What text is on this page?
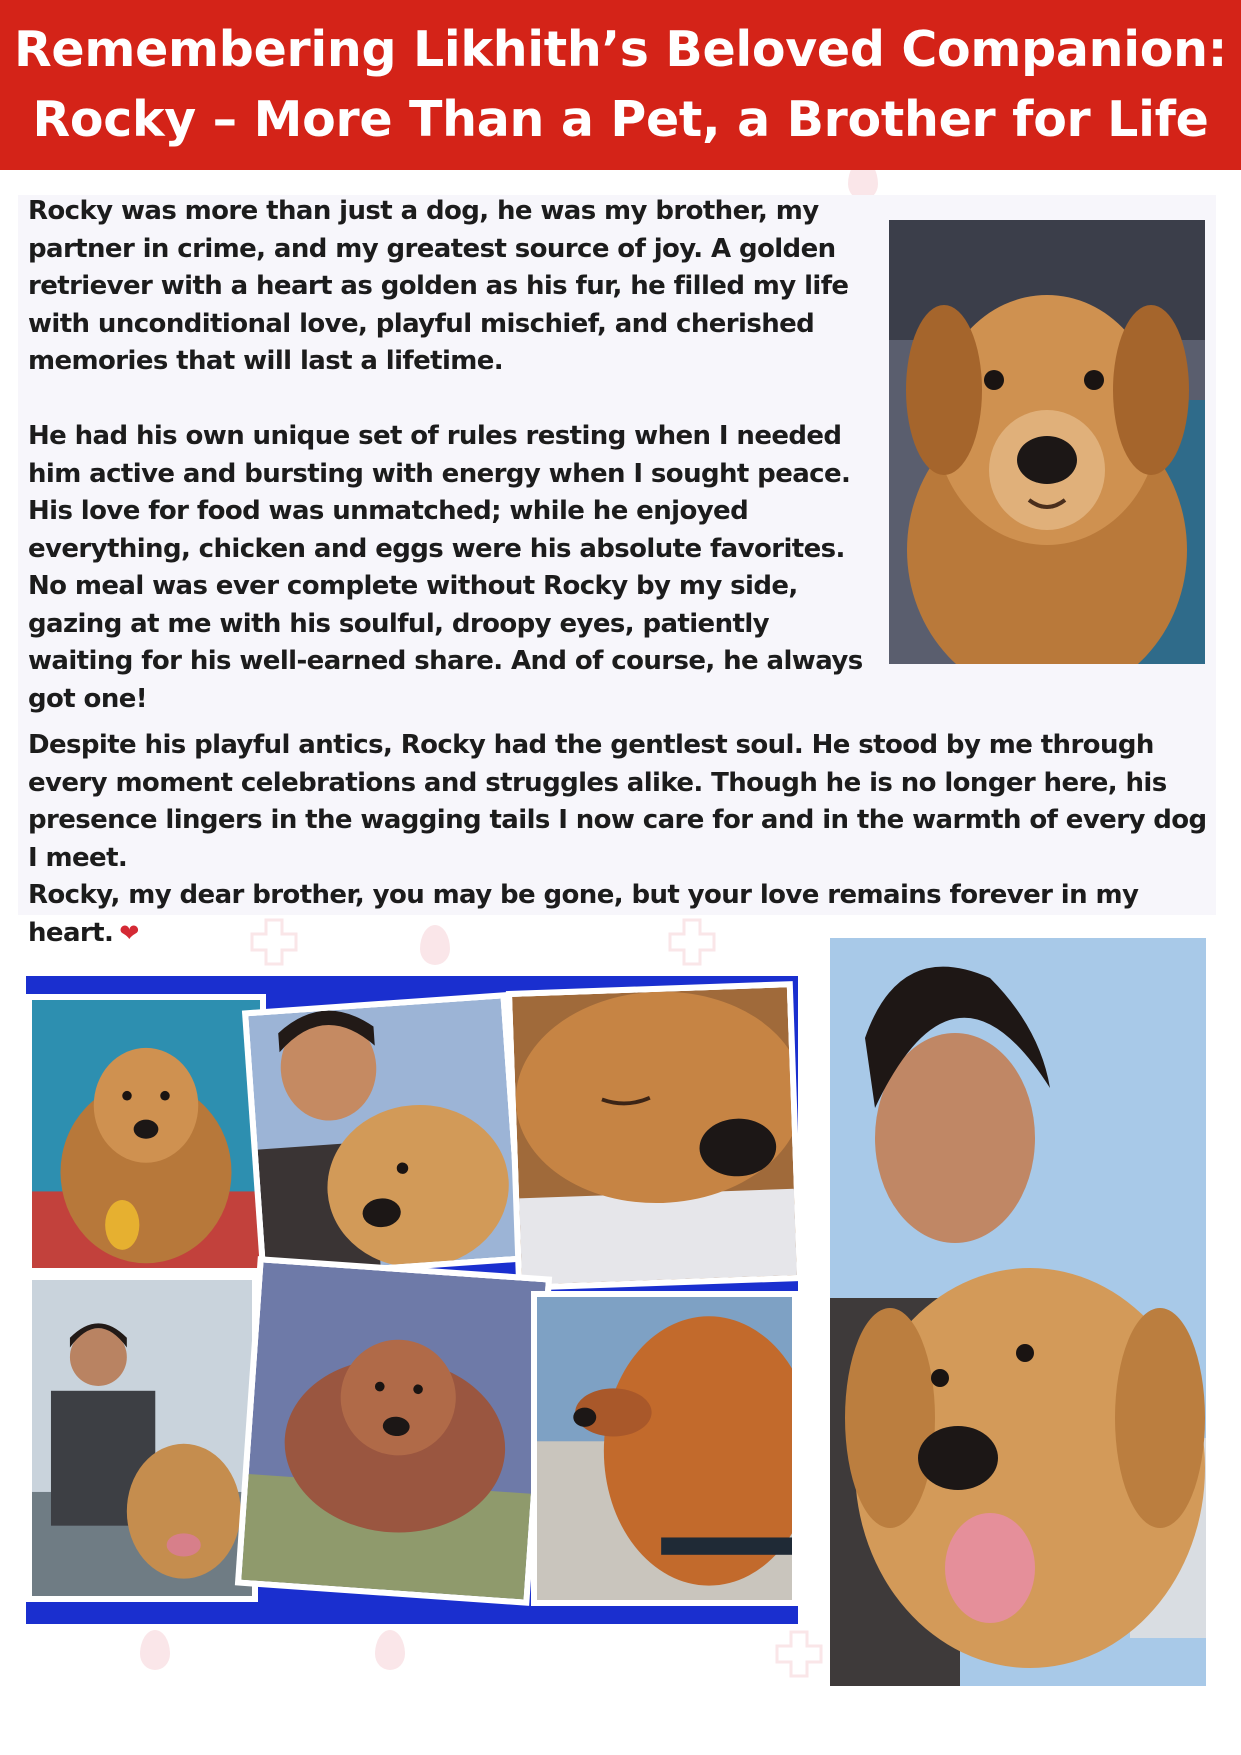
Remembering Likhith’s Beloved Companion:
Rocky – More Than a Pet, a Brother for Life

Rocky was more than just a dog, he was my brother, my partner in crime, and my greatest source of joy. A golden retriever with a heart as golden as his fur, he filled my life with unconditional love, playful mischief, and cherished memories that will last a lifetime.

He had his own unique set of rules resting when I needed him active and bursting with energy when I sought peace. His love for food was unmatched; while he enjoyed everything, chicken and eggs were his absolute favorites. No meal was ever complete without Rocky by my side, gazing at me with his soulful, droopy eyes, patiently waiting for his well-earned share. And of course, he always got one!

Despite his playful antics, Rocky had the gentlest soul. He stood by me through every moment celebrations and struggles alike. Though he is no longer here, his presence lingers in the wagging tails I now care for and in the warmth of every dog I meet.

Rocky, my dear brother, you may be gone, but your love remains forever in my heart. ❤
